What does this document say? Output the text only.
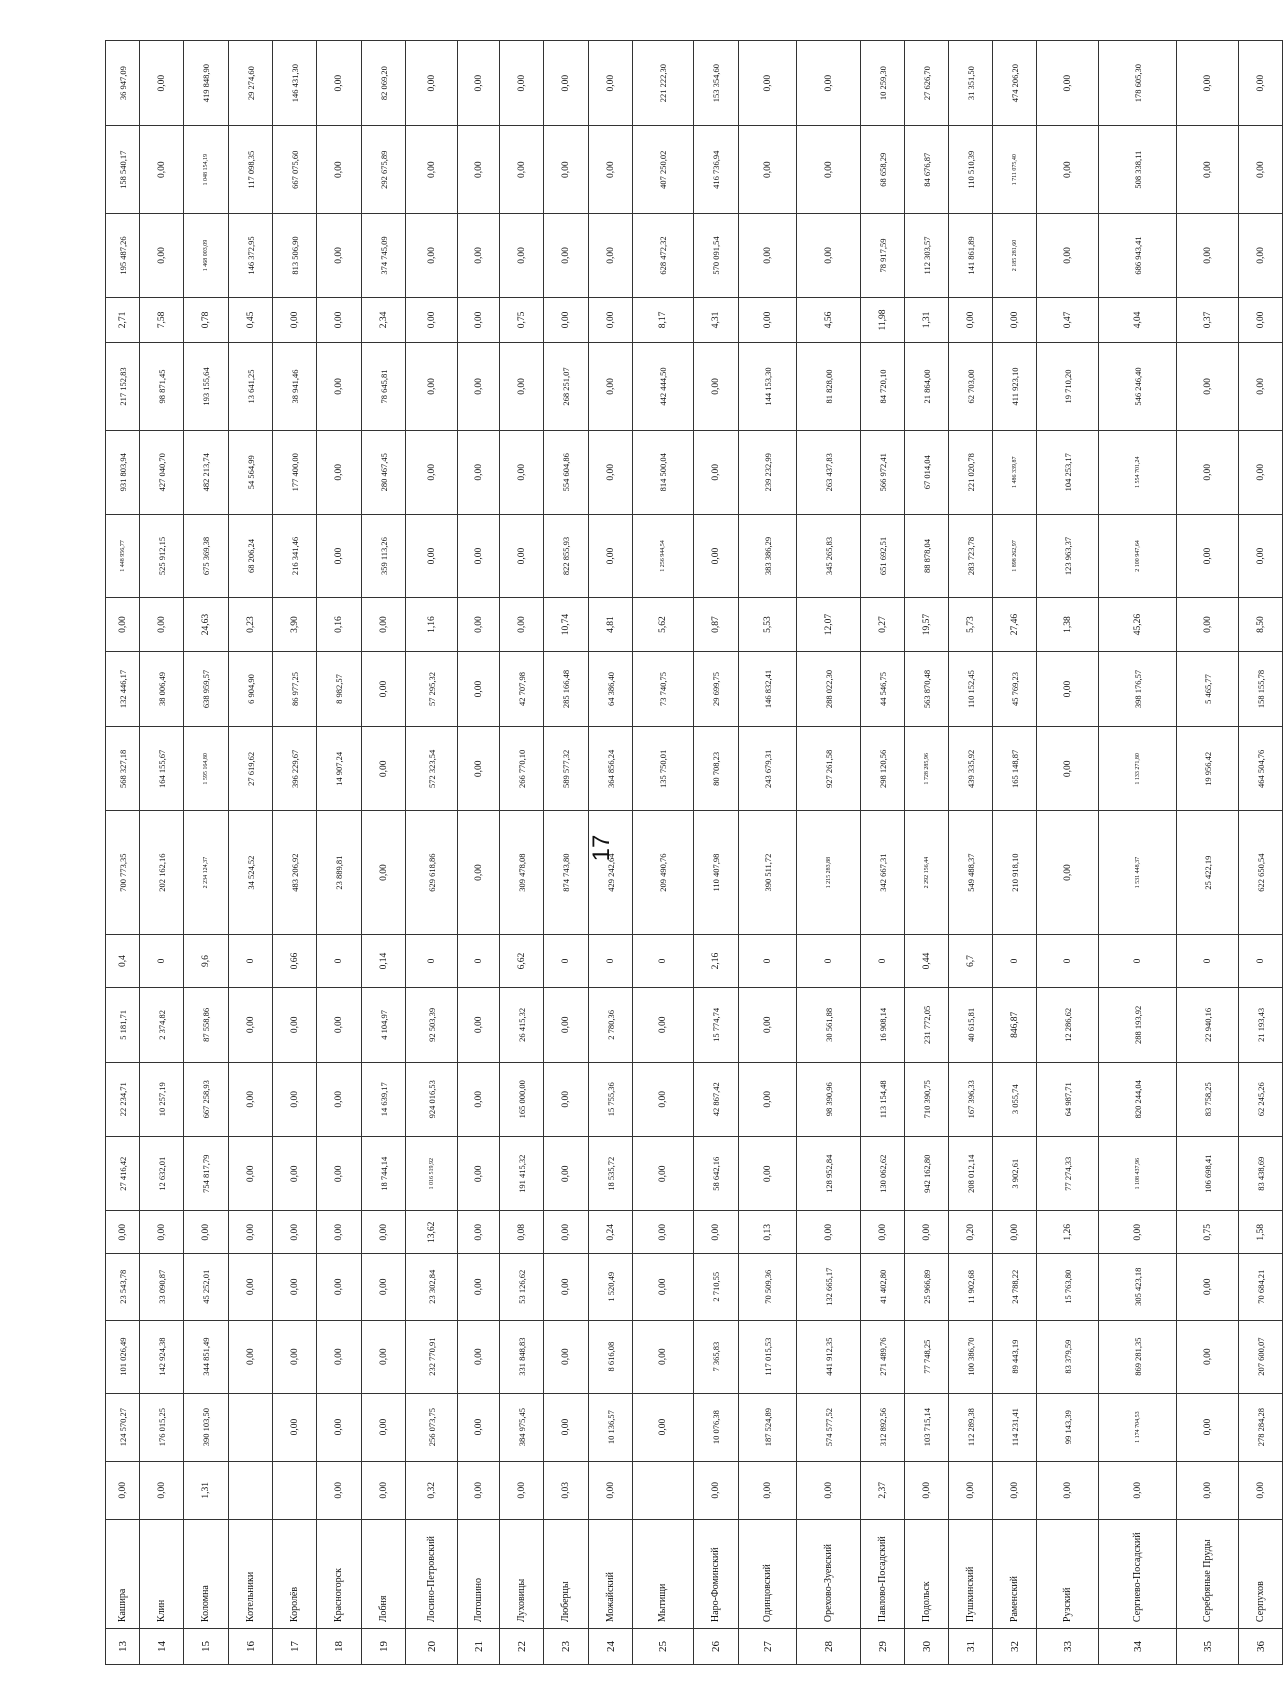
17
13	Кашира	0,00	124 570,27	101 026,49	23 543,78	0,00	27 416,42	22 234,71	5 181,71	0,4	700 773,35	568 327,18	132 446,17	0,00	1 448 956,77	931 803,94	217 152,83	2,71	195 487,26	158 540,17	36 947,09
14	Клин	0,00	176 015,25	142 924,38	33 090,87	0,00	12 632,01	10 257,19	2 374,82	0	202 162,16	164 155,67	38 006,49	0,00	525 912,15	427 040,70	98 871,45	7,58	0,00	0,00	0,00
15	Коломна	1,31	390 103,50	344 851,49	45 252,01	0,00	754 817,79	667 258,93	87 558,86	9,6	2 234 124,37	1 595 164,80	638 959,57	24,63	675 369,38	482 213,74	193 155,64	0,78	1 468 003,09	1 048 154,19	419 848,90
16	Котельники			0,00	0,00	0,00	0,00	0,00	0,00	0	34 524,52	27 619,62	6 904,90	0,23	68 206,24	54 564,99	13 641,25	0,45	146 372,95	117 098,35	29 274,60
17	Королёв		0,00	0,00	0,00	0,00	0,00	0,00	0,00	0,66	483 206,92	396 229,67	86 977,25	3,90	216 341,46	177 400,00	38 941,46	0,00	813 506,90	667 075,60	146 431,30
18	Красногорск	0,00	0,00	0,00	0,00	0,00	0,00	0,00	0,00	0	23 889,81	14 907,24	8 982,57	0,16	0,00	0,00	0,00	0,00	0,00	0,00	0,00
19	Лобня	0,00	0,00	0,00	0,00	0,00	18 744,14	14 639,17	4 104,97	0,14	0,00	0,00	0,00	0,00	359 113,26	280 467,45	78 645,81	2,34	374 745,09	292 675,89	82 069,20
20	Лосино-Петровский	0,32	256 073,75	232 770,91	23 302,84	13,62	1 016 519,92	924 016,53	92 503,39	0	629 618,86	572 323,54	57 295,32	1,16	0,00	0,00	0,00	0,00	0,00	0,00	0,00
21	Лотошино	0,00	0,00	0,00	0,00	0,00	0,00	0,00	0,00	0	0,00	0,00	0,00	0,00	0,00	0,00	0,00	0,00	0,00	0,00	0,00
22	Луховицы	0,00	384 975,45	331 848,83	53 126,62	0,08	191 415,32	165 000,00	26 415,32	6,62	309 478,08	266 770,10	42 707,98	0,00	0,00	0,00	0,00	0,75	0,00	0,00	0,00
23	Люберцы	0,03	0,00	0,00	0,00	0,00	0,00	0,00	0,00	0	874 743,80	589 577,32	285 166,48	10,74	822 855,93	554 604,86	268 251,07	0,00	0,00	0,00	0,00
24	Можайский	0,00	10 136,57	8 616,08	1 520,49	0,24	18 535,72	15 755,36	2 780,36	0	429 242,64	364 856,24	64 386,40	4,81	0,00	0,00	0,00	0,00	0,00	0,00	0,00
25	Мытищи		0,00	0,00	0,00	0,00	0,00	0,00	0,00	0	209 490,76	135 750,01	73 740,75	5,62	1 256 944,54	814 500,04	442 444,50	8,17	628 472,32	407 250,02	221 222,30
26	Наро-Фоминский	0,00	10 076,38	7 365,83	2 710,55	0,00	58 642,16	42 867,42	15 774,74	2,16	110 407,98	80 708,23	29 699,75	0,87	0,00	0,00	0,00	4,31	570 091,54	416 736,94	153 354,60
27	Одинцовский	0,00	187 524,89	117 015,53	70 509,36	0,13	0,00	0,00	0,00	0	390 511,72	243 679,31	146 832,41	5,53	383 386,29	239 232,99	144 153,30	0,00	0,00	0,00	0,00
28	Орехово-Зуевский	0,00	574 577,52	441 912,35	132 665,17	0,00	128 952,84	98 390,96	30 561,88	0	1 215 283,88	927 261,58	288 022,30	12,07	345 265,83	263 437,83	81 828,00	4,56	0,00	0,00	0,00
29	Павлово-Посадский	2,37	312 892,56	271 489,76	41 402,80	0,00	130 062,62	113 154,48	16 908,14	0	342 667,31	298 120,56	44 546,75	0,27	651 692,51	566 972,41	84 720,10	11,98	78 917,59	68 658,29	10 259,30
30	Подольск	0,00	103 715,14	77 748,25	25 966,89	0,00	942 162,80	710 390,75	231 772,05	0,44	2 292 156,44	1 728 285,96	563 870,48	19,57	88 878,04	67 014,04	21 864,00	1,31	112 303,57	84 676,87	27 626,70
31	Пушкинский	0,00	112 289,38	100 386,70	11 902,68	0,20	208 012,14	167 396,33	40 615,81	6,7	549 488,37	439 335,92	110 152,45	5,73	283 723,78	221 020,78	62 703,00	0,00	141 861,89	110 510,39	31 351,50
32	Раменский	0,00	114 231,41	89 443,19	24 788,22	0,00	3 902,61	3 055,74	846,87	0	210 918,10	165 148,87	45 769,23	27,46	1 898 262,97	1 486 339,87	411 923,10	0,00	2 185 281,60	1 711 075,40	474 206,20
33	Рузский	0,00	99 143,39	83 379,59	15 763,80	1,26	77 274,33	64 987,71	12 286,62	0	0,00	0,00	0,00	1,38	123 963,37	104 253,17	19 710,20	0,47	0,00	0,00	0,00
34	Сергиево-Посадский	0,00	1 174 704,53	869 281,35	305 423,18	0,00	1 108 437,96	820 244,04	288 193,92	0	1 531 448,37	1 133 271,80	398 176,57	45,26	2 100 947,64	1 554 701,24	546 246,40	4,04	686 943,41	508 338,11	178 605,30
35	Серебряные Пруды	0,00	0,00	0,00	0,00	0,75	106 698,41	83 758,25	22 940,16	0	25 422,19	19 956,42	5 465,77	0,00	0,00	0,00	0,00	0,37	0,00	0,00	0,00
36	Серпухов	0,00	278 284,28	207 600,07	70 684,21	1,58	83 438,69	62 245,26	21 193,43	0	622 650,54	464 504,76	158 155,78	8,50	0,00	0,00	0,00	0,00	0,00	0,00	0,00
